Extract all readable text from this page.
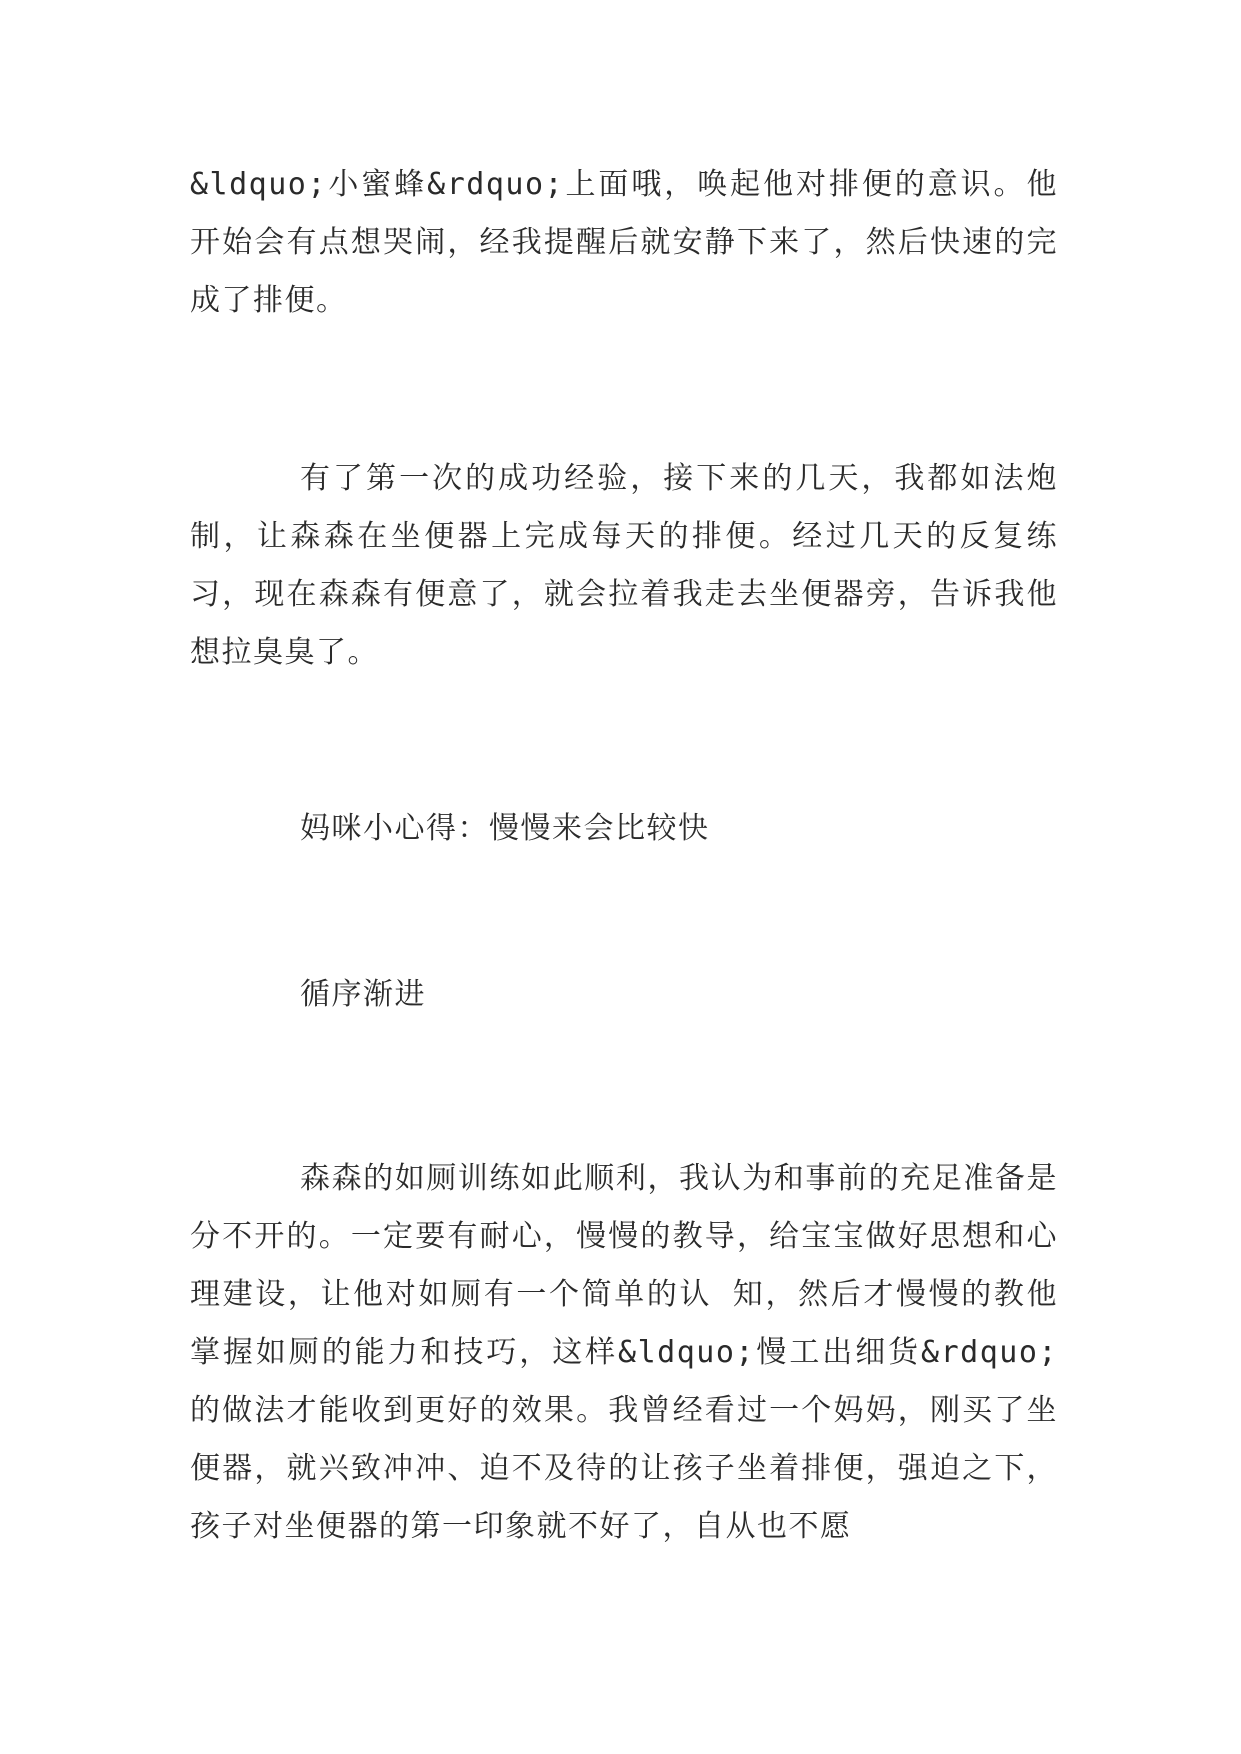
&ldquo;小蜜蜂&rdquo;上面哦，唤起他对排便的意识。他开始会有点想哭闹，经我提醒后就安静下来了，然后快速的完成了排便。

有了第一次的成功经验，接下来的几天，我都如法炮制，让森森在坐便器上完成每天的排便。经过几天的反复练习，现在森森有便意了，就会拉着我走去坐便器旁，告诉我他想拉臭臭了。

妈咪小心得：慢慢来会比较快

循序渐进

森森的如厕训练如此顺利，我认为和事前的充足准备是分不开的。一定要有耐心，慢慢的教导，给宝宝做好思想和心理建设，让他对如厕有一个简单的认 知，然后才慢慢的教他掌握如厕的能力和技巧，这样&ldquo;慢工出细货&rdquo;的做法才能收到更好的效果。我曾经看过一个妈妈，刚买了坐便器，就兴致冲冲、迫不及待的让孩子坐着排便，强迫之下，孩子对坐便器的第一印象就不好了，自从也不愿
